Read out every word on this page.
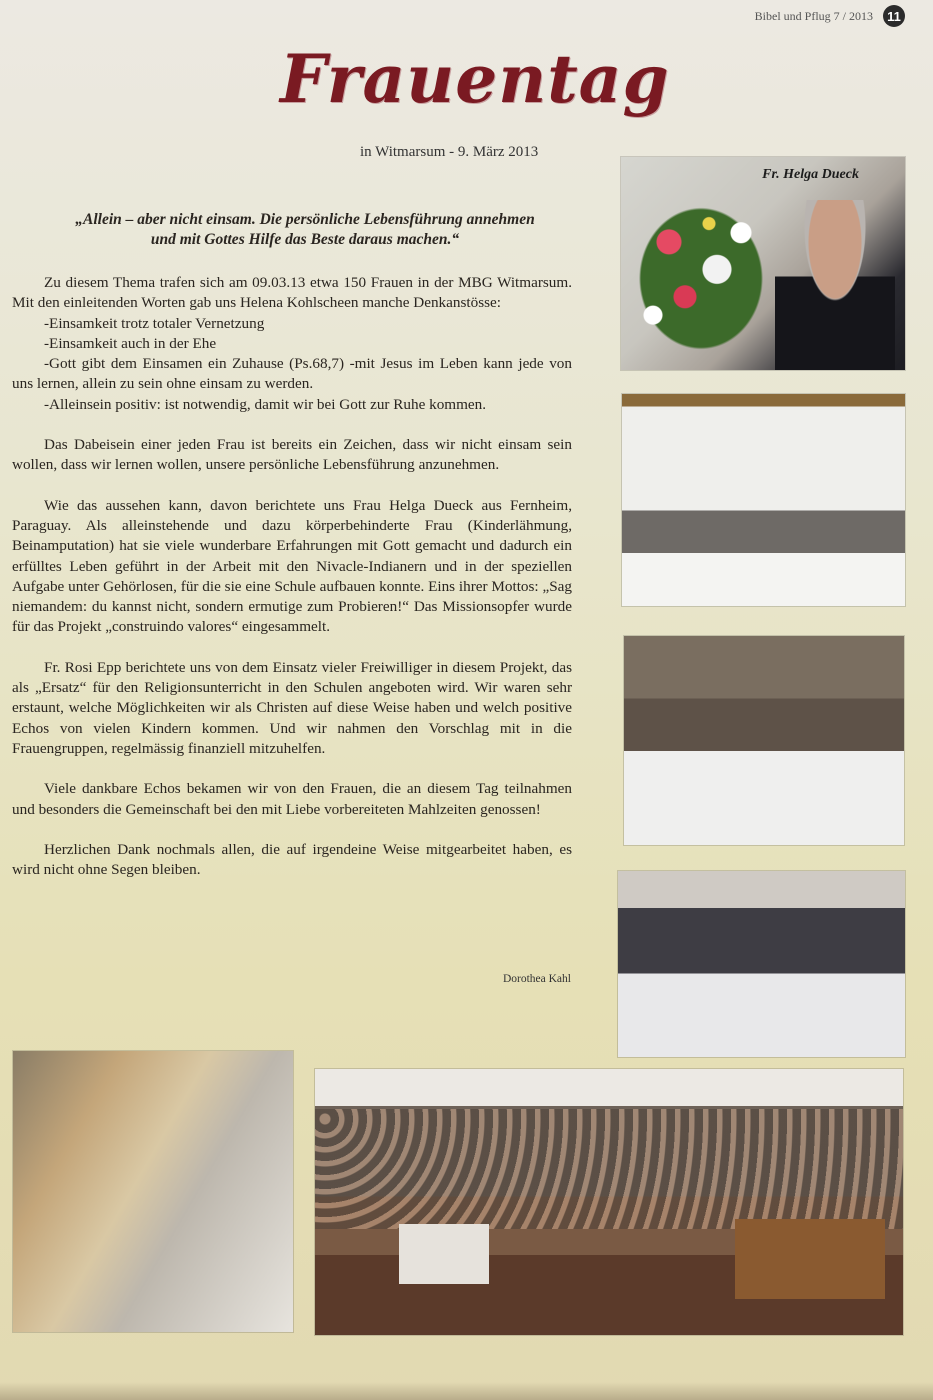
Bibel und Pflug 7 / 2013	11
Frauentag
in Witmarsum - 9. März 2013
„Allein – aber nicht einsam. Die persönliche Lebensführung annehmen
und mit Gottes Hilfe das Beste daraus machen.“

Zu diesem Thema trafen sich am 09.03.13 etwa 150 Frauen in der MBG Witmarsum. Mit den einleitenden Worten gab uns Helena Kohlscheen manche Denkanstösse:

-Einsamkeit trotz totaler Vernetzung

-Einsamkeit auch in der Ehe

-Gott gibt dem Einsamen ein Zuhause (Ps.68,7) -mit Jesus im Leben kann jede von uns lernen, allein zu sein ohne einsam zu werden.

-Alleinsein positiv: ist notwendig, damit wir bei Gott zur Ruhe kommen.

Das Dabeisein einer jeden Frau ist bereits ein Zeichen, dass wir nicht einsam sein wollen, dass wir lernen wollen, unsere persönliche Lebensführung anzunehmen.

Wie das aussehen kann, davon berichtete uns Frau Helga Dueck aus Fernheim, Paraguay. Als alleinstehende und dazu körperbehinderte Frau (Kinderlähmung, Beinamputation) hat sie viele wunderbare Erfahrungen mit Gott gemacht und dadurch ein erfülltes Leben geführt in der Arbeit mit den Nivacle-Indianern und in der speziellen Aufgabe unter Gehörlosen, für die sie eine Schule aufbauen konnte. Eins ihrer Mottos: „Sag niemandem: du kannst nicht, sondern ermutige zum Probieren!“ Das Missionsopfer wurde für das Projekt „construindo valores“ eingesammelt.

Fr. Rosi Epp berichtete uns von dem Einsatz vieler Freiwilliger in diesem Projekt, das als „Ersatz“ für den Religionsunterricht in den Schulen angeboten wird. Wir waren sehr erstaunt, welche Möglichkeiten wir als Christen auf diese Weise haben und welch positive Echos von vielen Kindern kommen. Und wir nahmen den Vorschlag mit in die Frauengruppen, regelmässig finanziell mitzuhelfen.

Viele dankbare Echos bekamen wir von den Frauen, die an diesem Tag teilnahmen und besonders die Gemeinschaft bei den mit Liebe vorbereiteten Mahlzeiten genossen!

Herzlichen Dank nochmals allen, die auf irgendeine Weise mitgearbeitet haben, es wird nicht ohne Segen bleiben.

Dorothea Kahl
Fr. Helga Dueck
